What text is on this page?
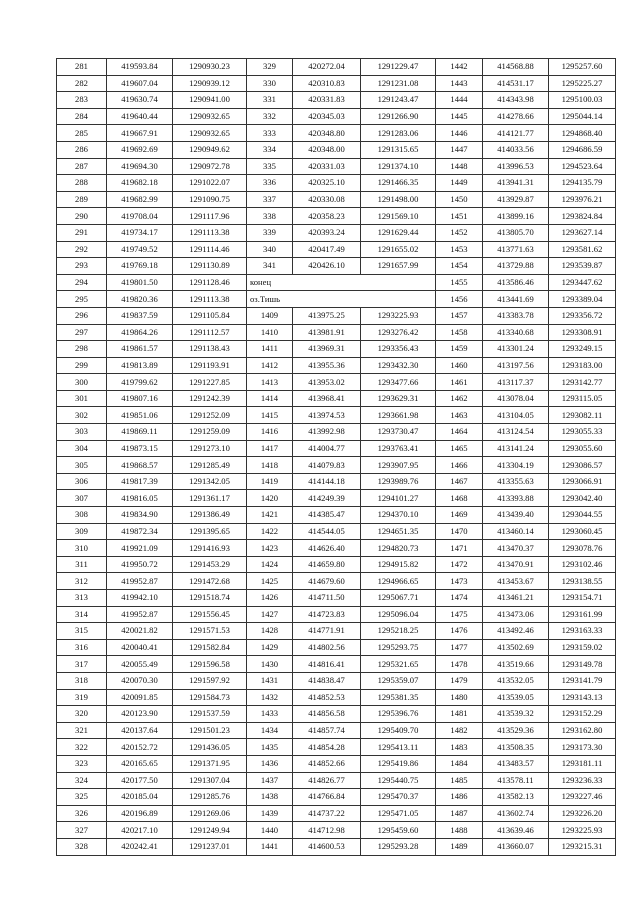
281	419593.84	1290930.23	329	420272.04	1291229.47	1442	414568.88	1295257.60
282	419607.04	1290939.12	330	420310.83	1291231.08	1443	414531.17	1295225.27
283	419630.74	1290941.00	331	420331.83	1291243.47	1444	414343.98	1295100.03
284	419640.44	1290932.65	332	420345.03	1291266.90	1445	414278.66	1295044.14
285	419667.91	1290932.65	333	420348.80	1291283.06	1446	414121.77	1294868.40
286	419692.69	1290949.62	334	420348.00	1291315.65	1447	414033.56	1294686.59
287	419694.30	1290972.78	335	420331.03	1291374.10	1448	413996.53	1294523.64
288	419682.18	1291022.07	336	420325.10	1291466.35	1449	413941.31	1294135.79
289	419682.99	1291090.75	337	420330.08	1291498.00	1450	413929.87	1293976.21
290	419708.04	1291117.96	338	420358.23	1291569.10	1451	413899.16	1293824.84
291	419734.17	1291113.38	339	420393.24	1291629.44	1452	413805.70	1293627.14
292	419749.52	1291114.46	340	420417.49	1291655.02	1453	413771.63	1293581.62
293	419769.18	1291130.89	341	420426.10	1291657.99	1454	413729.88	1293539.87
294	419801.50	1291128.46	конец			1455	413586.46	1293447.62
295	419820.36	1291113.38	оз.Тишь			1456	413441.69	1293389.04
296	419837.59	1291105.84	1409	413975.25	1293225.93	1457	413383.78	1293356.72
297	419864.26	1291112.57	1410	413981.91	1293276.42	1458	413340.68	1293308.91
298	419861.57	1291138.43	1411	413969.31	1293356.43	1459	413301.24	1293249.15
299	419813.89	1291193.91	1412	413955.36	1293432.30	1460	413197.56	1293183.00
300	419799.62	1291227.85	1413	413953.02	1293477.66	1461	413117.37	1293142.77
301	419807.16	1291242.39	1414	413968.41	1293629.31	1462	413078.04	1293115.05
302	419851.06	1291252.09	1415	413974.53	1293661.98	1463	413104.05	1293082.11
303	419869.11	1291259.09	1416	413992.98	1293730.47	1464	413124.54	1293055.33
304	419873.15	1291273.10	1417	414004.77	1293763.41	1465	413141.24	1293055.60
305	419868.57	1291285.49	1418	414079.83	1293907.95	1466	413304.19	1293086.57
306	419817.39	1291342.05	1419	414144.18	1293989.76	1467	413355.63	1293066.91
307	419816.05	1291361.17	1420	414249.39	1294101.27	1468	413393.88	1293042.40
308	419834.90	1291386.49	1421	414385.47	1294370.10	1469	413439.40	1293044.55
309	419872.34	1291395.65	1422	414544.05	1294651.35	1470	413460.14	1293060.45
310	419921.09	1291416.93	1423	414626.40	1294820.73	1471	413470.37	1293078.76
311	419950.72	1291453.29	1424	414659.80	1294915.82	1472	413470.91	1293102.46
312	419952.87	1291472.68	1425	414679.60	1294966.65	1473	413453.67	1293138.55
313	419942.10	1291518.74	1426	414711.50	1295067.71	1474	413461.21	1293154.71
314	419952.87	1291556.45	1427	414723.83	1295096.04	1475	413473.06	1293161.99
315	420021.82	1291571.53	1428	414771.91	1295218.25	1476	413492.46	1293163.33
316	420040.41	1291582.84	1429	414802.56	1295293.75	1477	413502.69	1293159.02
317	420055.49	1291596.58	1430	414816.41	1295321.65	1478	413519.66	1293149.78
318	420070.30	1291597.92	1431	414838.47	1295359.07	1479	413532.05	1293141.79
319	420091.85	1291584.73	1432	414852.53	1295381.35	1480	413539.05	1293143.13
320	420123.90	1291537.59	1433	414856.58	1295396.76	1481	413539.32	1293152.29
321	420137.64	1291501.23	1434	414857.74	1295409.70	1482	413529.36	1293162.80
322	420152.72	1291436.05	1435	414854.28	1295413.11	1483	413508.35	1293173.30
323	420165.65	1291371.95	1436	414852.66	1295419.86	1484	413483.57	1293181.11
324	420177.50	1291307.04	1437	414826.77	1295440.75	1485	413578.11	1293236.33
325	420185.04	1291285.76	1438	414766.84	1295470.37	1486	413582.13	1293227.46
326	420196.89	1291269.06	1439	414737.22	1295471.05	1487	413602.74	1293226.20
327	420217.10	1291249.94	1440	414712.98	1295459.60	1488	413639.46	1293225.93
328	420242.41	1291237.01	1441	414600.53	1295293.28	1489	413660.07	1293215.31
